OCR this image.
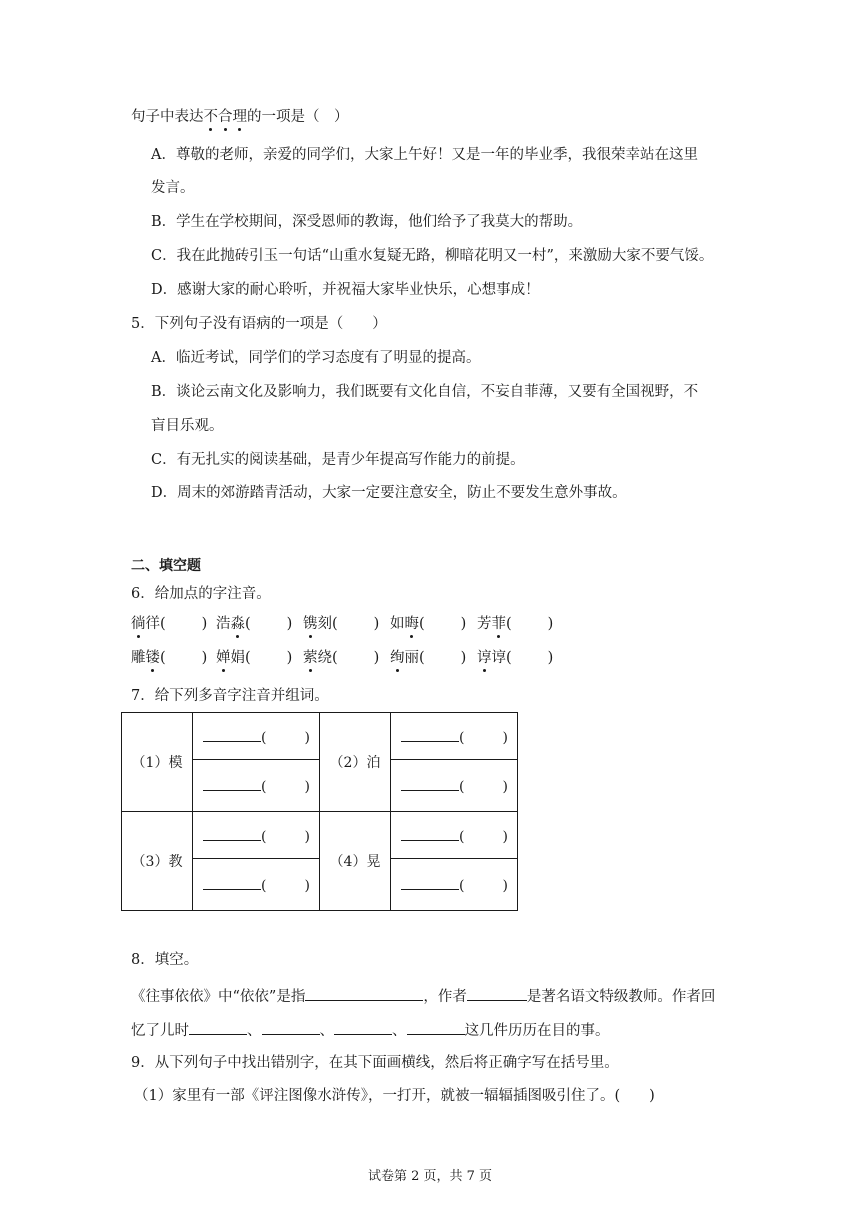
句子中表达不合理的一项是（　）
A．尊敬的老师，亲爱的同学们，大家上午好！又是一年的毕业季，我很荣幸站在这里
发言。
B．学生在学校期间，深受恩师的教诲，他们给予了我莫大的帮助。
C．我在此抛砖引玉一句话“山重水复疑无路，柳暗花明又一村”，来激励大家不要气馁。
D．感谢大家的耐心聆听，并祝福大家毕业快乐，心想事成！
5．下列句子没有语病的一项是（　　）
A．临近考试，同学们的学习态度有了明显的提高。
B．谈论云南文化及影响力，我们既要有文化自信，不妄自菲薄，又要有全国视野，不
盲目乐观。
C．有无扎实的阅读基础，是青少年提高写作能力的前提。
D．周末的郊游踏青活动，大家一定要注意安全，防止不要发生意外事故。
二、填空题
6．给加点的字注音。
徜徉( ) 浩淼( ) 镌刻( ) 如晦( ) 芳菲( )
雕镂( ) 婵娟( ) 萦绕( ) 绚丽( ) 谆谆( )
7．给下列多音字注音并组词。
（1）模	( )	（2）泊	( )
	( )		( )
（3）教	( )	（4）晃	( )
	( )		( )
8．填空。
《往事依依》中“依依”是指	，作者	是著名语文特级教师。作者回
忆了儿时	、	、	、	这几件历历在目的事。
9．从下列句子中找出错别字，在其下面画横线，然后将正确字写在括号里。
（1）家里有一部《评注图像水浒传》，一打开，就被一辐辐插图吸引住了。(　　)
试卷第 2 页，共 7 页
